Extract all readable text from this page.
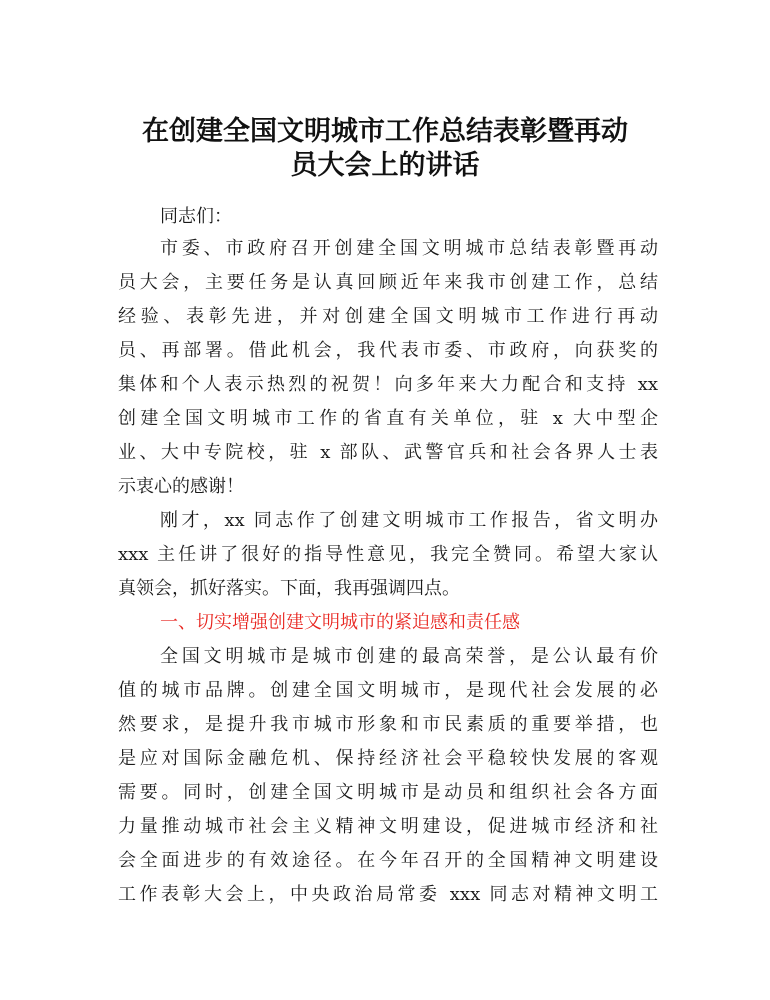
在创建全国文明城市工作总结表彰暨再动
员大会上的讲话

同志们：

市委、市政府召开创建全国文明城市总结表彰暨再动

员大会，主要任务是认真回顾近年来我市创建工作，总结

经验、表彰先进，并对创建全国文明城市工作进行再动

员、再部署。借此机会，我代表市委、市政府，向获奖的

集体和个人表示热烈的祝贺！向多年来大力配合和支持 xx

创建全国文明城市工作的省直有关单位，驻 x 大中型企

业、大中专院校，驻 x 部队、武警官兵和社会各界人士表

示衷心的感谢！

刚才，xx 同志作了创建文明城市工作报告，省文明办

xxx 主任讲了很好的指导性意见，我完全赞同。希望大家认

真领会，抓好落实。下面，我再强调四点。

一、切实增强创建文明城市的紧迫感和责任感

全国文明城市是城市创建的最高荣誉，是公认最有价

值的城市品牌。创建全国文明城市，是现代社会发展的必

然要求，是提升我市城市形象和市民素质的重要举措，也

是应对国际金融危机、保持经济社会平稳较快发展的客观

需要。同时，创建全国文明城市是动员和组织社会各方面

力量推动城市社会主义精神文明建设，促进城市经济和社

会全面进步的有效途径。在今年召开的全国精神文明建设

工作表彰大会上，中央政治局常委 xxx 同志对精神文明工
